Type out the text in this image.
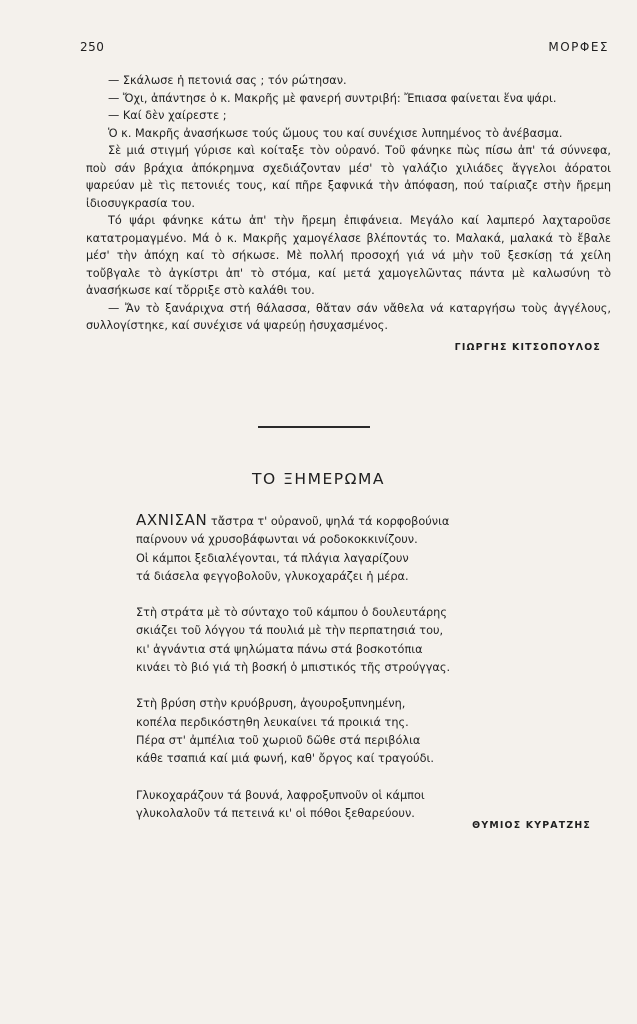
250	ΜΟΡΦΕΣ

— Σκάλωσε ἡ πετονιά σας ; τόν ρώτησαν.

— Ὄχι, ἀπάντησε ὁ κ. Μακρῆς μὲ φανερή συντριβή: Ἔπιασα φαίνεται ἕνα ψάρι.

— Καί δὲν χαίρεστε ;

Ὁ κ. Μακρῆς ἀνασήκωσε τούς ὤμους του καί συνέχισε λυπημένος τὸ ἀνέβασμα.

Σὲ μιά στιγμή γύρισε καὶ κοίταξε τὸν οὐρανό. Τοῦ φάνηκε πὼς πίσω ἀπ' τά σύννεφα, ποὺ σάν βράχια ἀπόκρημνα σχεδιάζονταν μέσ' τὸ γαλάζιο χιλιάδες ἄγγελοι ἀόρατοι ψαρεύαν μὲ τὶς πετονιές τους, καί πῆρε ξαφνικά τὴν ἀπόφαση, πού ταίριαζε στὴν ἤρεμη ἰδιοσυγκρασία του.

Τό ψάρι φάνηκε κάτω ἀπ' τὴν ἤρεμη ἐπιφάνεια. Μεγάλο καί λαμπερό λαχταροῦσε κατατρομαγμένο. Μά ὁ κ. Μακρῆς χαμογέλασε βλέποντάς το. Μαλακά, μαλακά τὸ ἔβαλε μέσ' τὴν ἀπόχη καί τὸ σήκωσε. Μὲ πολλή προσοχή γιά νά μὴν τοῦ ξεσκίσῃ τά χείλη τοὔβγαλε τὸ ἀγκίστρι ἀπ' τὸ στόμα, καί μετά χαμογελῶντας πάντα μὲ καλωσύνη τὸ ἀνασήκωσε καί τὄρριξε στὸ καλάθι του.

— Ἄν τὸ ξανάριχνα στή θάλασσα, θἄταν σάν νἄθελα νά καταργήσω τοὺς ἀγγέλους, συλλογίστηκε, καί συνέχισε νά ψαρεύῃ ἡσυχασμένος.

ΓΙΩΡΓΗΣ ΚΙΤΣΟΠΟΥΛΟΣ
ΤΟ ΞΗΜΕΡΩΜΑ
ΑΧΝΙΣΑΝ τἄστρα τ' οὐρανοῦ, ψηλά τά κορφοβούνια
παίρνουν νά χρυσοβάφωνται νά ροδοκοκκινίζουν.
Οἱ κάμποι ξεδιαλέγονται, τά πλάγια λαγαρίζουν
τά διάσελα φεγγοβολοῦν, γλυκοχαράζει ἡ μέρα.
Στὴ στράτα μὲ τὸ σύνταχο τοῦ κάμπου ὁ δουλευτάρης
σκιάζει τοῦ λόγγου τά πουλιά μὲ τὴν περπατησιά του,
κι' ἀγνάντια στά ψηλώματα πάνω στά βοσκοτόπια
κινάει τὸ βιό γιά τὴ βοσκή ὁ μπιστικός τῆς στρούγγας.
Στὴ βρύση στὴν κρυόβρυση, ἀγουροξυπνημένη,
κοπέλα περδικόστηθη λευκαίνει τά προικιά της.
Πέρα στ' ἀμπέλια τοῦ χωριοῦ δῶθε στά περιβόλια
κάθε τσαπιά καί μιά φωνή, καθ' ὄργος καί τραγούδι.
Γλυκοχαράζουν τά βουνά, λαφροξυπνοῦν οἱ κάμποι
γλυκολαλοῦν τά πετεινά κι' οἱ πόθοι ξεθαρεύουν.
ΘΥΜΙΟΣ ΚΥΡΑΤΖΗΣ
